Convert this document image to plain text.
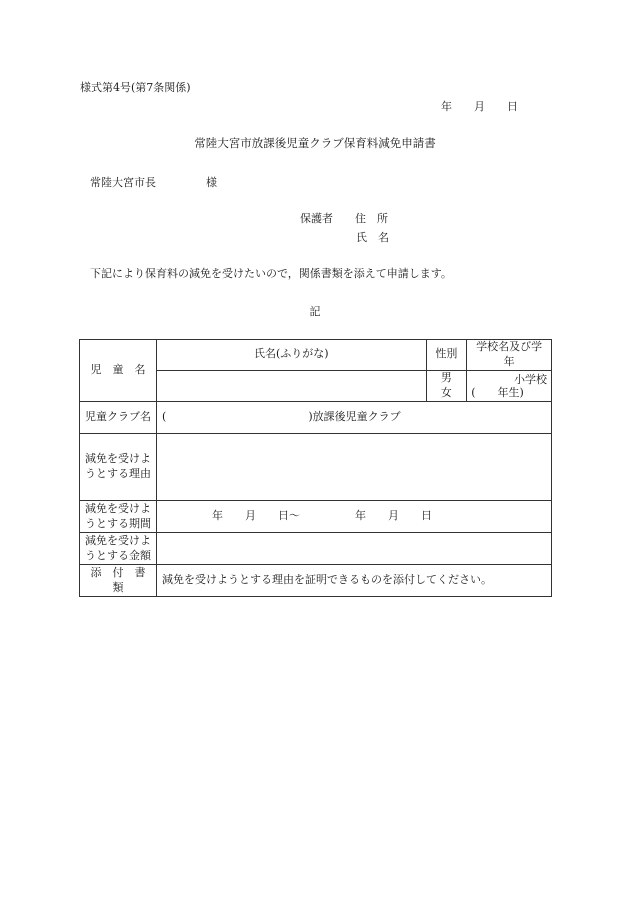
様式第4号(第7条関係)
年 月 日
常陸大宮市放課後児童クラブ保育料減免申請書
常陸大宮市長	様
保護者 住　所
氏　名
下記により保育料の減免を受けたいので，関係書類を添えて申請します。
記
児　童　名	氏名(ふりがな)	性別	学校名及び学年
		男　女	小学校
(　　年生)

児童クラブ名	( )放課後児童クラブ		
減免を受けようとする理由			
減免を受けようとする期間	年　　月　　日～　　　　　年　　月　　日		
減免を受けようとする金額			
添　付　書　類	減免を受けようとする理由を証明できるものを添付してください。		
